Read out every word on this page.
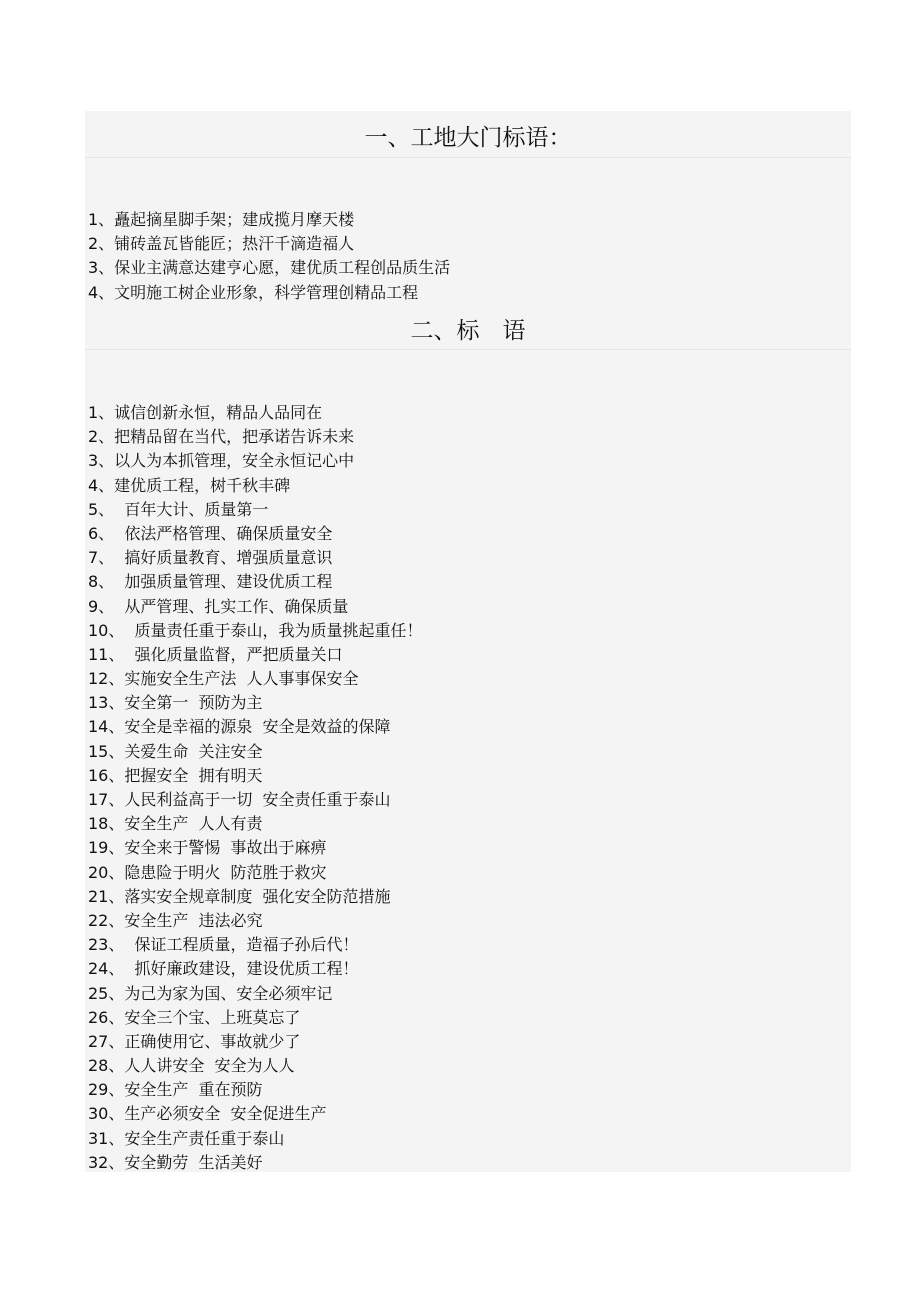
一、工地大门标语：
1、矗起摘星脚手架；建成揽月摩天楼
2、铺砖盖瓦皆能匠；热汗千滴造福人
3、保业主满意达建亨心愿，建优质工程创品质生活
4、文明施工树企业形象，科学管理创精品工程
二、标　语
1、诚信创新永恒，精品人品同在
2、把精品留在当代，把承诺告诉未来
3、以人为本抓管理，安全永恒记心中
4、建优质工程，树千秋丰碑
5、  百年大计、质量第一
6、  依法严格管理、确保质量安全
7、  搞好质量教育、增强质量意识
8、  加强质量管理、建设优质工程
9、  从严管理、扎实工作、确保质量
10、  质量责任重于泰山，我为质量挑起重任！
11、  强化质量监督，严把质量关口
12、实施安全生产法  人人事事保安全
13、安全第一  预防为主
14、安全是幸福的源泉  安全是效益的保障
15、关爱生命  关注安全
16、把握安全  拥有明天
17、人民利益高于一切  安全责任重于泰山
18、安全生产  人人有责
19、安全来于警惕  事故出于麻痹
20、隐患险于明火  防范胜于救灾
21、落实安全规章制度  强化安全防范措施
22、安全生产  违法必究
23、  保证工程质量，造福子孙后代！
24、  抓好廉政建设，建设优质工程！
25、为己为家为国、安全必须牢记
26、安全三个宝、上班莫忘了
27、正确使用它、事故就少了
28、人人讲安全  安全为人人
29、安全生产  重在预防
30、生产必须安全  安全促进生产
31、安全生产责任重于泰山
32、安全勤劳  生活美好
